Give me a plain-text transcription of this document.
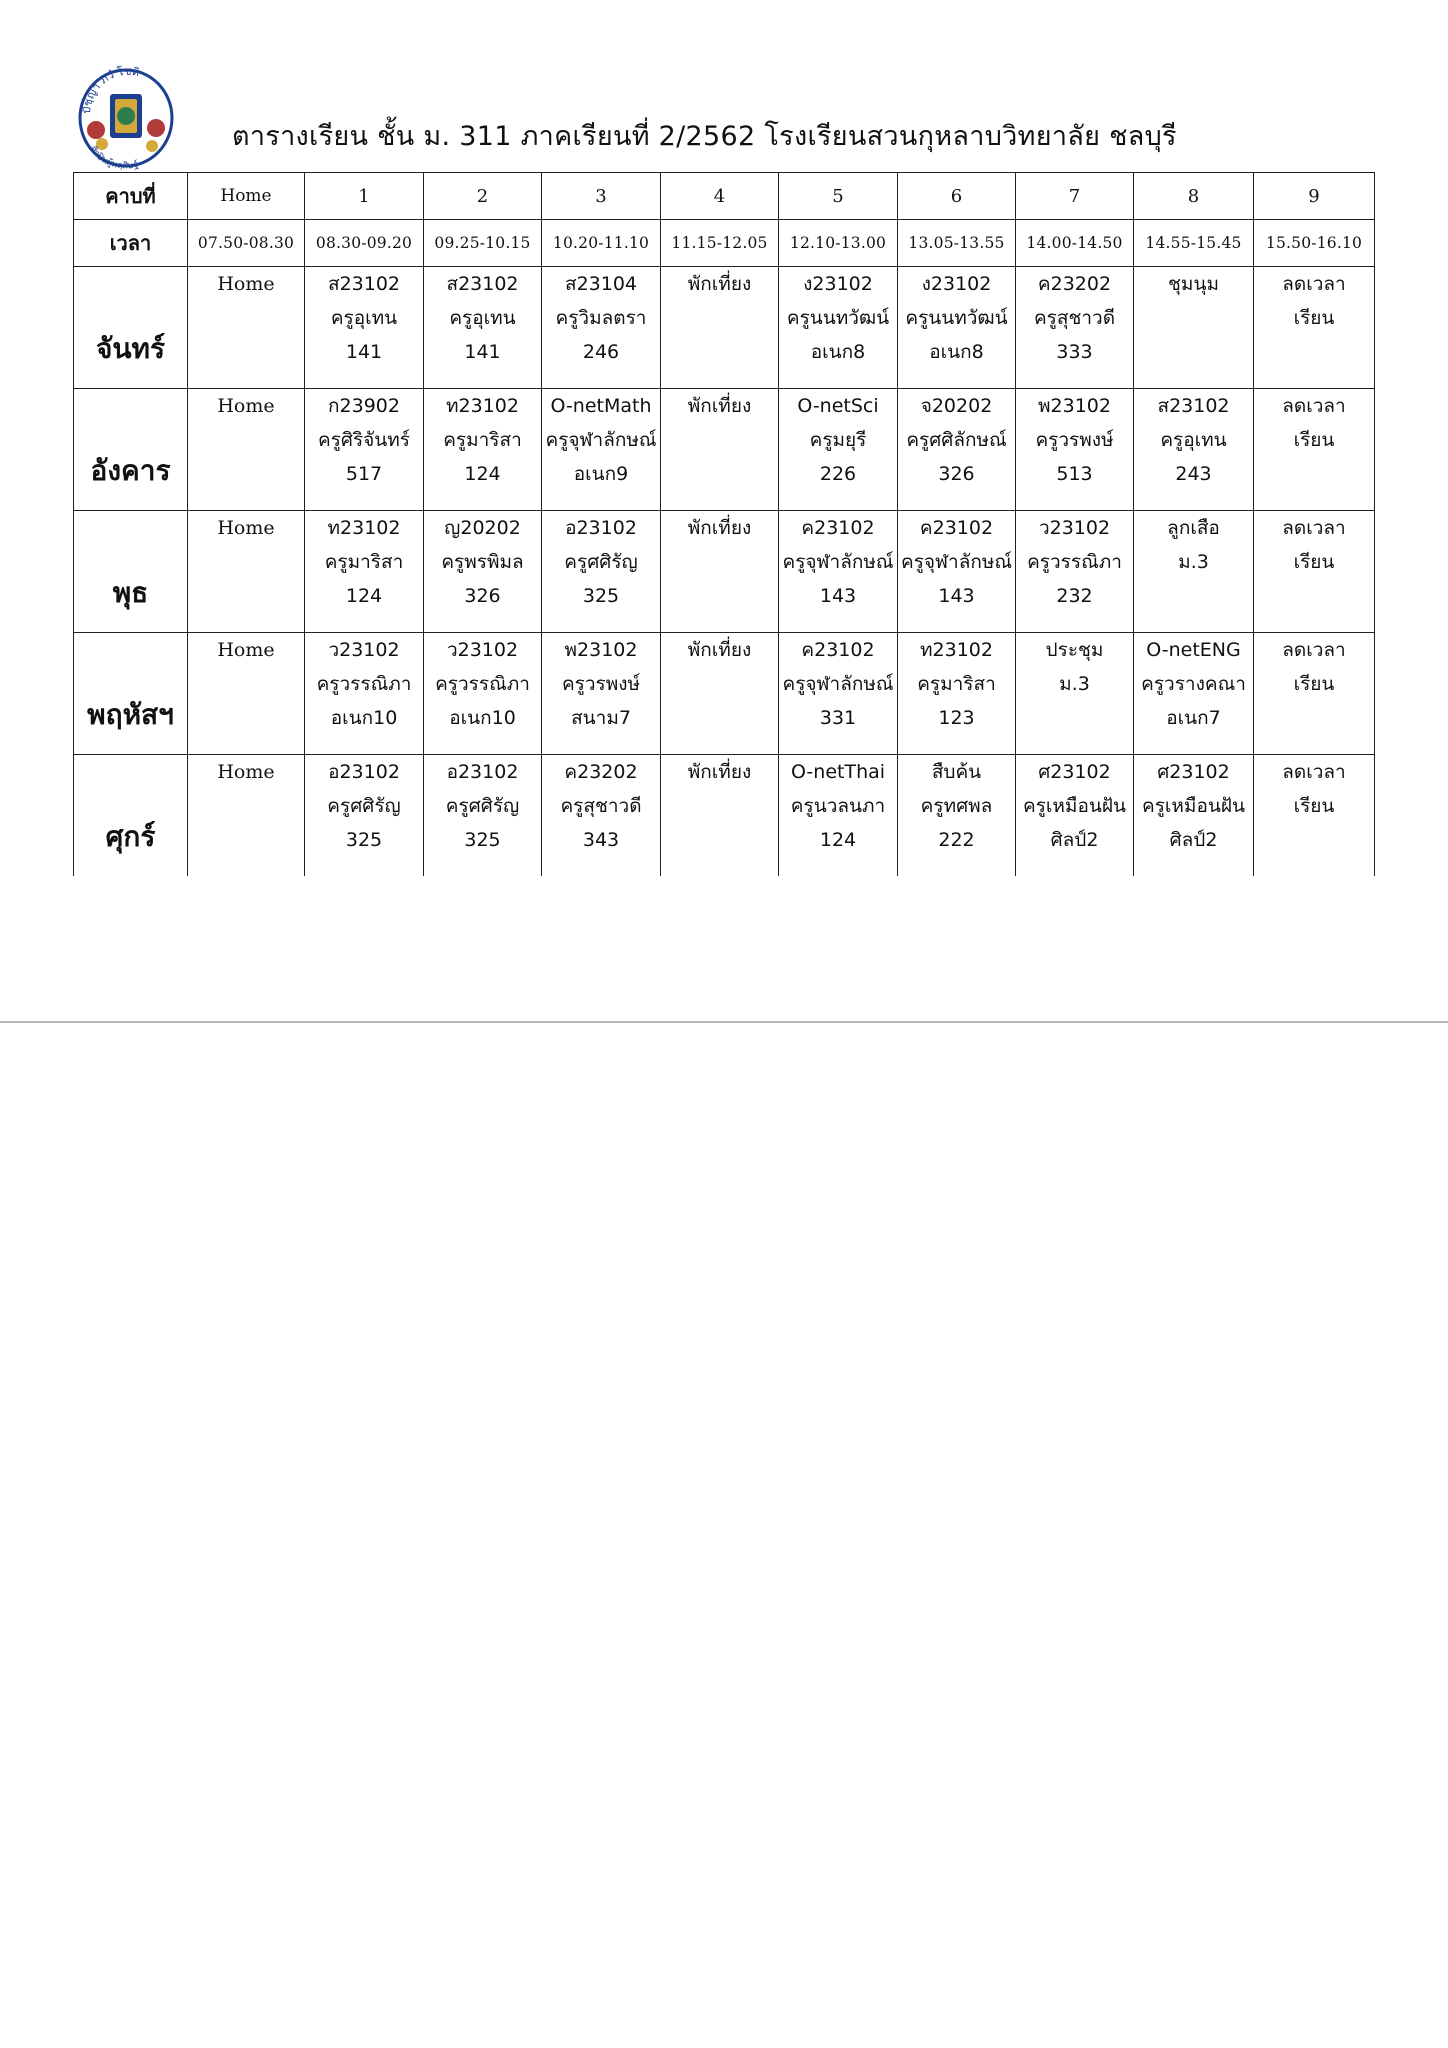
ปัชฺญา ภวํ โชติ
ศิลปินผู้พฤศิษฐ์
ตารางเรียน ชั้น ม. 311 ภาคเรียนที่ 2/2562 โรงเรียนสวนกุหลาบวิทยาลัย ชลบุรี
คาบที่	Home	1	2	3	4	5	6	7	8	9
เวลา	07.50-08.30	08.30-09.20	09.25-10.15	10.20-11.10	11.15-12.05	12.10-13.00	13.05-13.55	14.00-14.50	14.55-15.45	15.50-16.10

จันทร์	Home	ส23102
ครูอุเทน
141	ส23102
ครูอุเทน
141	ส23104
ครูวิมลตรา
246	พักเที่ยง	ง23102
ครูนนทวัฒน์
อเนก8	ง23102
ครูนนทวัฒน์
อเนก8	ค23202
ครูสุชาวดี
333	ชุมนุม	ลดเวลา
เรียน

อังคาร	Home	ก23902
ครูศิริจันทร์
517	ท23102
ครูมาริสา
124	O-netMath
ครูจุฬาลักษณ์
อเนก9	พักเที่ยง	O-netSci
ครูมยุรี
226	จ20202
ครูศศิลักษณ์
326	พ23102
ครูวรพงษ์
513	ส23102
ครูอุเทน
243	ลดเวลา
เรียน

พุธ	Home	ท23102
ครูมาริสา
124	ญ20202
ครูพรพิมล
326	อ23102
ครูศศิรัญ
325	พักเที่ยง	ค23102
ครูจุฬาลักษณ์
143	ค23102
ครูจุฬาลักษณ์
143	ว23102
ครูวรรณิภา
232	ลูกเสือ
ม.3	ลดเวลา
เรียน

พฤหัสฯ	Home	ว23102
ครูวรรณิภา
อเนก10	ว23102
ครูวรรณิภา
อเนก10	พ23102
ครูวรพงษ์
สนาม7	พักเที่ยง	ค23102
ครูจุฬาลักษณ์
331	ท23102
ครูมาริสา
123	ประชุม
ม.3	O-netENG
ครูวรางคณา
อเนก7	ลดเวลา
เรียน

ศุกร์	Home	อ23102
ครูศศิรัญ
325	อ23102
ครูศศิรัญ
325	ค23202
ครูสุชาวดี
343	พักเที่ยง	O-netThai
ครูนวลนภา
124	สืบค้น
ครูทศพล
222	ศ23102
ครูเหมือนฝัน
ศิลป์2	ศ23102
ครูเหมือนฝัน
ศิลป์2	ลดเวลา
เรียน
